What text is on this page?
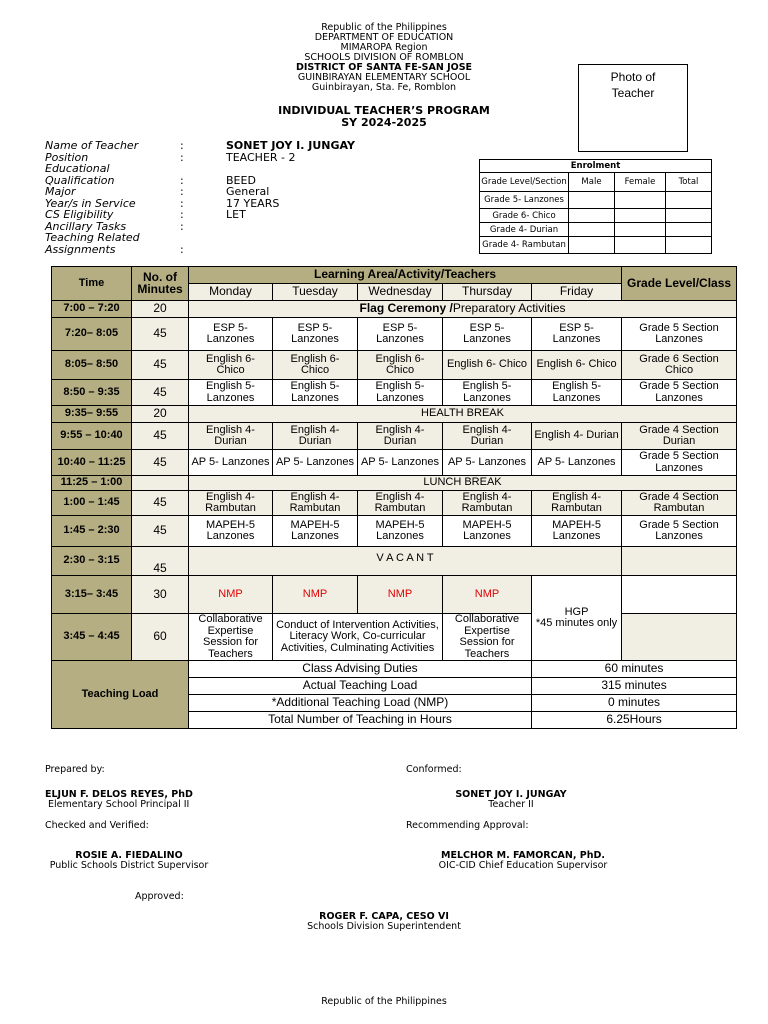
Republic of the Philippines
DEPARTMENT OF EDUCATION
MIMAROPA Region
SCHOOLS DIVISION OF ROMBLON
DISTRICT OF SANTA FE-SAN JOSE
GUINBIRAYAN ELEMENTARY SCHOOL
Guinbirayan, Sta. Fe, Romblon
INDIVIDUAL TEACHER’S PROGRAM
SY 2024-2025
Photo of
Teacher
Name of Teacher	:	SONET JOY I. JUNGAY
Position	:	TEACHER - 2
Educational
Qualification	:	BEED
Major	:	General
Year/s in Service	:	17 YEARS
CS Eligibility	:	LET
Ancillary Tasks	:
Teaching Related
Assignments	:
Enrolment			
Grade Level/Section	Male	Female	Total
Grade 5- Lanzones			
Grade 6- Chico			
Grade 4- Durian			
Grade 4- Rambutan			
Time	No. of Minutes	Learning Area/Activity/Teachers					Grade Level/Class
		Monday	Tuesday	Wednesday	Thursday	Friday	
7:00 – 7:20	20	Flag Ceremony /Preparatory Activities					
7:20– 8:05	45	ESP 5- Lanzones	ESP 5- Lanzones	ESP 5- Lanzones	ESP 5- Lanzones	ESP 5- Lanzones	Grade 5 Section Lanzones
8:05– 8:50	45	English 6- Chico	English 6- Chico	English 6- Chico	English 6- Chico	English 6- Chico	Grade 6 Section Chico
8:50 – 9:35	45	English 5- Lanzones	English 5- Lanzones	English 5- Lanzones	English 5- Lanzones	English 5- Lanzones	Grade 5 Section Lanzones
9:35– 9:55	20	HEALTH BREAK					
9:55 – 10:40	45	English 4- Durian	English 4- Durian	English 4- Durian	English 4- Durian	English 4- Durian	Grade 4 Section Durian
10:40 – 11:25	45	AP 5- Lanzones	AP 5- Lanzones	AP 5- Lanzones	AP 5- Lanzones	AP 5- Lanzones	Grade 5 Section Lanzones
11:25 – 1:00		LUNCH BREAK					
1:00 – 1:45	45	English 4- Rambutan	English 4- Rambutan	English 4- Rambutan	English 4- Rambutan	English 4- Rambutan	Grade 4 Section Rambutan
1:45 – 2:30	45	MAPEH-5 Lanzones	MAPEH-5 Lanzones	MAPEH-5 Lanzones	MAPEH-5 Lanzones	MAPEH-5 Lanzones	Grade 5 Section Lanzones
2:30 – 3:15	45	V A C A N T					
3:15– 3:45	30	NMP	NMP	NMP	NMP	HGP
*45 minutes only	

3:45 – 4:45	60	Collaborative Expertise Session for Teachers	Conduct of Intervention Activities, Literacy Work, Co-curricular Activities, Culminating Activities		Collaborative Expertise Session for Teachers		
Teaching Load		Class Advising Duties				60 minutes	
		Actual Teaching Load				315 minutes	
		*Additional Teaching Load (NMP)				0 minutes	
		Total Number of Teaching in Hours				6.25Hours	
Prepared by:
ELJUN F. DELOS REYES, PhD
Elementary School Principal II
Conformed:
SONET JOY I. JUNGAY
Teacher II
Checked and Verified:
ROSIE A. FIEDALINO
Public Schools District Supervisor
Recommending Approval:
MELCHOR M. FAMORCAN, PhD.
OIC-CID Chief Education Supervisor
Approved:
ROGER F. CAPA, CESO VI
Schools Division Superintendent
Republic of the Philippines
